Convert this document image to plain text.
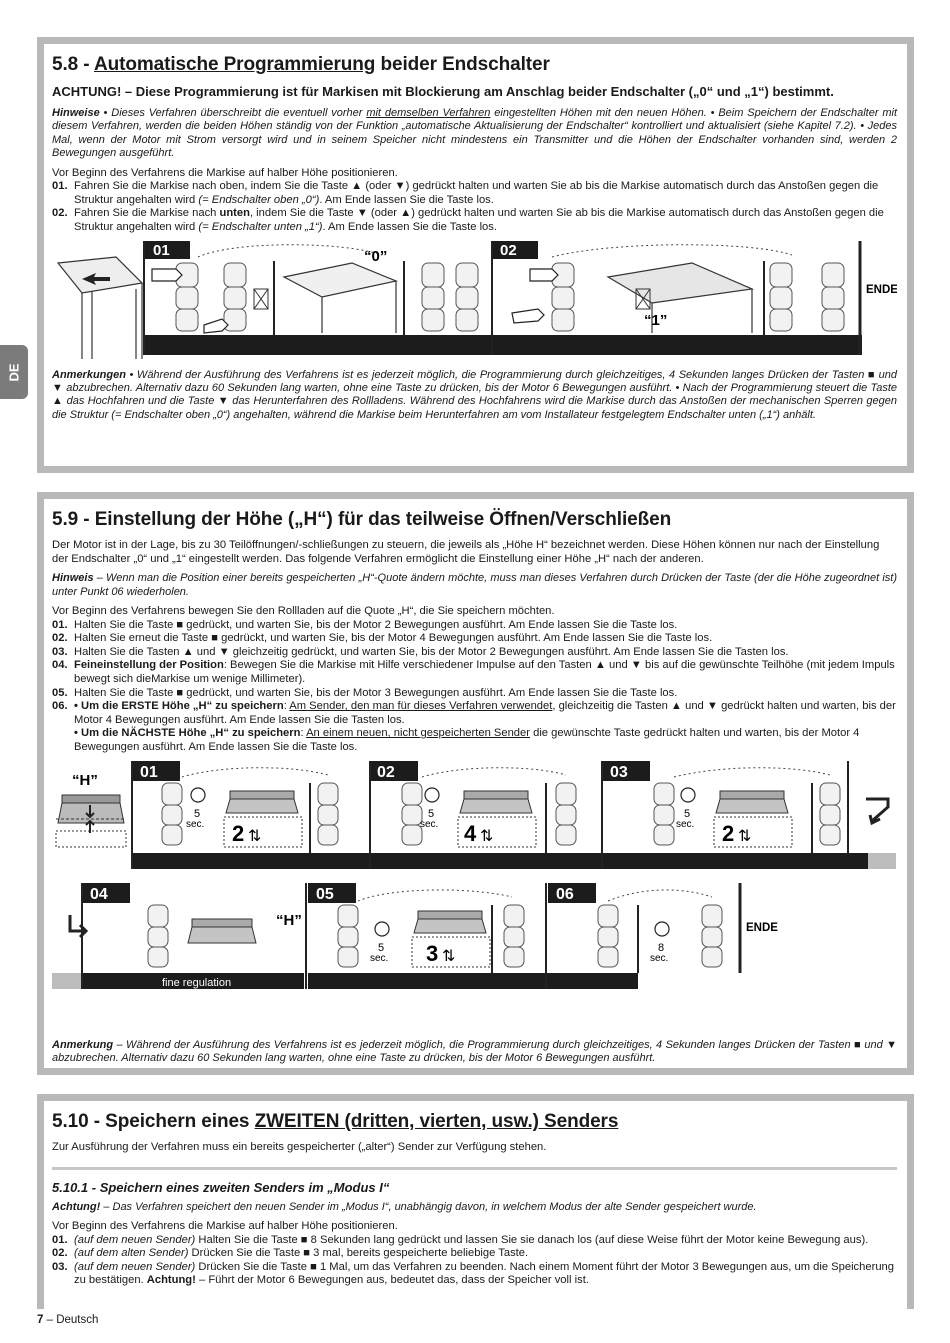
DE
5.8 - Automatische Programmierung beider Endschalter
ACHTUNG! – Diese Programmierung ist für Markisen mit Blockierung am Anschlag beider Endschalter („0“ und „1“) bestimmt.

Hinweise • Dieses Verfahren überschreibt die eventuell vorher mit demselben Verfahren eingestellten Höhen mit den neuen Höhen. • Beim Speichern der Endschalter mit diesem Verfahren, werden die beiden Höhen ständig von der Funktion „automatische Aktualisierung der Endschalter“ kontrolliert und aktualisiert (siehe Kapitel 7.2). • Jedes Mal, wenn der Motor mit Strom versorgt wird und in seinem Speicher nicht mindestens ein Transmitter und die Höhen der Endschalter vorhanden sind, werden 2 Bewegungen ausgeführt.

Vor Beginn des Verfahrens die Markise auf halber Höhe positionieren.

01. Fahren Sie die Markise nach oben, indem Sie die Taste ▲ (oder ▼) gedrückt halten und warten Sie ab bis die Markise automatisch durch das Anstoßen gegen die Struktur angehalten wird (= Endschalter oben „0“). Am Ende lassen Sie die Taste los.
02. Fahren Sie die Markise nach unten, indem Sie die Taste ▼ (oder ▲) gedrückt halten und warten Sie ab bis die Markise automatisch durch das Anstoßen gegen die Struktur angehalten wird (= Endschalter unten „1“). Am Ende lassen Sie die Taste los.
01	02
“0”
“1”
ENDE

Anmerkungen • Während der Ausführung des Verfahrens ist es jederzeit möglich, die Programmierung durch gleichzeitiges, 4 Sekunden langes Drücken der Tasten ■ und ▼ abzubrechen. Alternativ dazu 60 Sekunden lang warten, ohne eine Taste zu drücken, bis der Motor 6 Bewegungen ausführt. • Nach der Programmierung steuert die Taste ▲ das Hochfahren und die Taste ▼ das Herunterfahren des Rollladens. Während des Hochfahrens wird die Markise durch das Anstoßen der mechanischen Sperren gegen die Struktur (= Endschalter oben „0“) angehalten, während die Markise beim Herunterfahren am vom Installateur festgelegtem Endschalter unten („1“) anhält.

5.9 - Einstellung der Höhe („H“) für das teilweise Öffnen/Verschließen

Der Motor ist in der Lage, bis zu 30 Teilöffnungen/-schließungen zu steuern, die jeweils als „Höhe H“ bezeichnet werden. Diese Höhen können nur nach der Einstellung der Endschalter „0“ und „1“ eingestellt werden. Das folgende Verfahren ermöglicht die Einstellung einer Höhe „H“ nach der anderen.

Hinweis – Wenn man die Position einer bereits gespeicherten „H“-Quote ändern möchte, muss man dieses Verfahren durch Drücken der Taste (der die Höhe zugeordnet ist) unter Punkt 06 wiederholen.

Vor Beginn des Verfahrens bewegen Sie den Rollladen auf die Quote „H“, die Sie speichern möchten.

01. Halten Sie die Taste ■ gedrückt, und warten Sie, bis der Motor 2 Bewegungen ausführt. Am Ende lassen Sie die Taste los.
02. Halten Sie erneut die Taste ■ gedrückt, und warten Sie, bis der Motor 4 Bewegungen ausführt. Am Ende lassen Sie die Taste los.
03. Halten Sie die Tasten ▲ und ▼ gleichzeitig gedrückt, und warten Sie, bis der Motor 2 Bewegungen ausführt. Am Ende lassen Sie die Tasten los.
04. Feineinstellung der Position: Bewegen Sie die Markise mit Hilfe verschiedener Impulse auf den Tasten ▲ und ▼ bis auf die gewünschte Teilhöhe (mit jedem Impuls bewegt sich dieMarkise um wenige Millimeter).
05. Halten Sie die Taste ■ gedrückt, und warten Sie, bis der Motor 3 Bewegungen ausführt. Am Ende lassen Sie die Taste los.
06. • Um die ERSTE Höhe „H“ zu speichern: Am Sender, den man für dieses Verfahren verwendet, gleichzeitig die Tasten ▲ und ▼ gedrückt halten und warten, bis der Motor 4 Bewegungen ausführt. Am Ende lassen Sie die Tasten los.
• Um die NÄCHSTE Höhe „H“ zu speichern: An einem neuen, nicht gespeicherten Sender die gewünschte Taste gedrückt halten und warten, bis der Motor 4 Bewegungen ausführt. Am Ende lassen Sie die Taste los.
“H”	01	02	03
5
sec.
5
sec.
5
sec.
2 ⇅	4 ⇅	2 ⇅
fine regulation
04	05	06
“H”
5
sec.
8
sec.
3 ⇅
ENDE

Anmerkung – Während der Ausführung des Verfahrens ist es jederzeit möglich, die Programmierung durch gleichzeitiges, 4 Sekunden langes Drücken der Tasten ■ und ▼ abzubrechen. Alternativ dazu 60 Sekunden lang warten, ohne eine Taste zu drücken, bis der Motor 6 Bewegungen ausführt.

5.10 - Speichern eines ZWEITEN (dritten, vierten, usw.) Senders

Zur Ausführung der Verfahren muss ein bereits gespeicherter („alter“) Sender zur Verfügung stehen.

5.10.1 - Speichern eines zweiten Senders im „Modus I“

Achtung! – Das Verfahren speichert den neuen Sender im „Modus I“, unabhängig davon, in welchem Modus der alte Sender gespeichert wurde.

Vor Beginn des Verfahrens die Markise auf halber Höhe positionieren.

01. (auf dem neuen Sender) Halten Sie die Taste ■ 8 Sekunden lang gedrückt und lassen Sie sie danach los (auf diese Weise führt der Motor keine Bewegung aus).
02. (auf dem alten Sender) Drücken Sie die Taste ■ 3 mal, bereits gespeicherte beliebige Taste.
03. (auf dem neuen Sender) Drücken Sie die Taste ■ 1 Mal, um das Verfahren zu beenden. Nach einem Moment führt der Motor 3 Bewegungen aus, um die Speicherung zu bestätigen. Achtung! – Führt der Motor 6 Bewegungen aus, bedeutet das, dass der Speicher voll ist.
7 – Deutsch
